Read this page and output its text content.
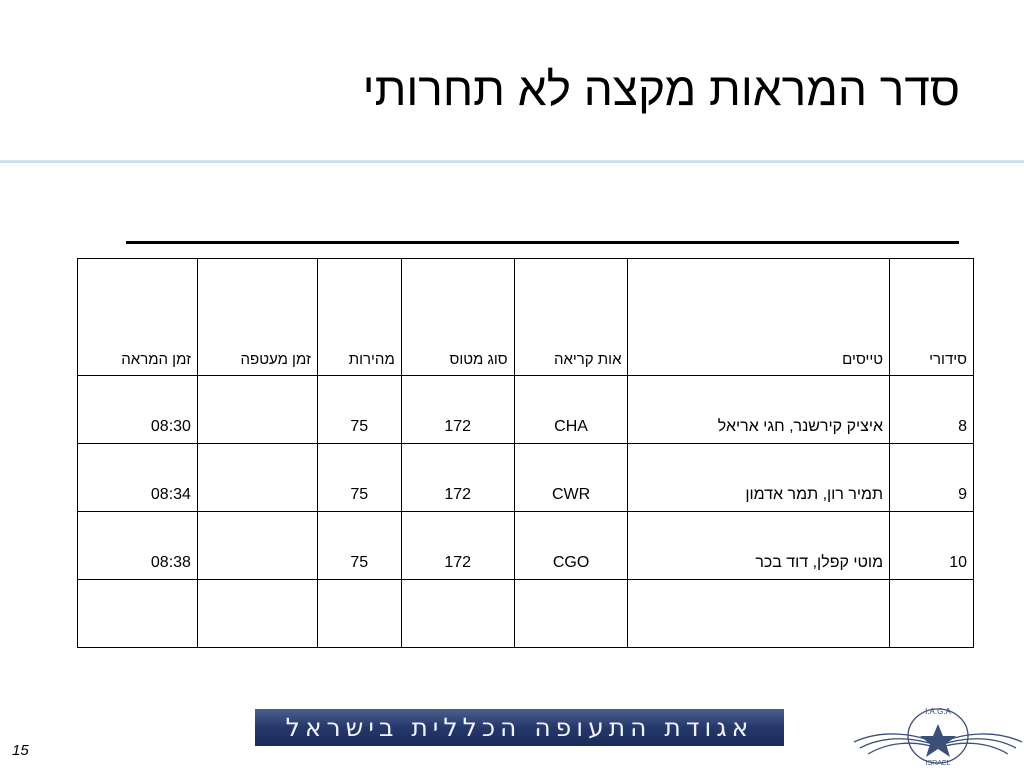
סדר המראות מקצה לא תחרותי
סידורי	טייסים	אות קריאה	סוג מטוס	מהירות	זמן מעטפה	זמן המראה
8	איציק קירשנר, חגי אריאל	CHA	172	75		08:30
9	תמיר רון, תמר אדמון	CWR	172	75		08:34
10	מוטי קפלן, דוד בכר	CGO	172	75		08:38

15
אגודת התעופה הכללית בישראל
I.A.G.A
ISRAEL
